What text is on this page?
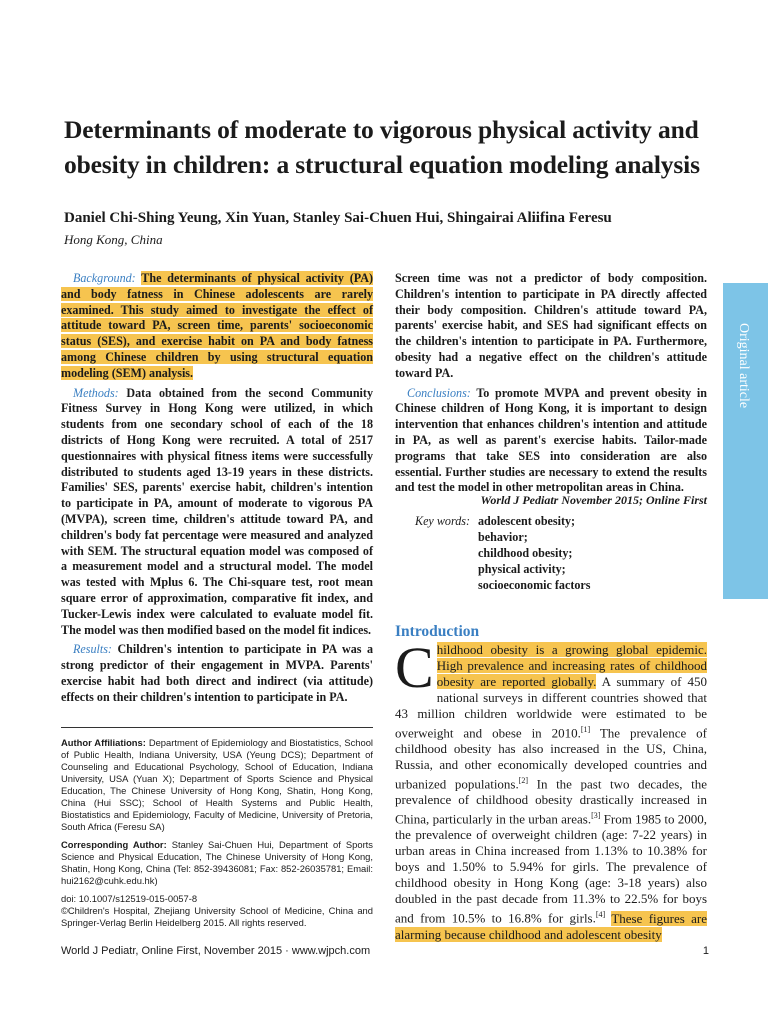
Determinants of moderate to vigorous physical activity and obesity in children: a structural equation modeling analysis
Daniel Chi-Shing Yeung, Xin Yuan, Stanley Sai-Chuen Hui, Shingairai Aliifina Feresu
Hong Kong, China
Original article

Background: The determinants of physical activity (PA) and body fatness in Chinese adolescents are rarely examined. This study aimed to investigate the effect of attitude toward PA, screen time, parents' socioeconomic status (SES), and exercise habit on PA and body fatness among Chinese children by using structural equation modeling (SEM) analysis.

Methods: Data obtained from the second Community Fitness Survey in Hong Kong were utilized, in which students from one secondary school of each of the 18 districts of Hong Kong were recruited. A total of 2517 questionnaires with physical fitness items were successfully distributed to students aged 13-19 years in these districts. Families' SES, parents' exercise habit, children's intention to participate in PA, amount of moderate to vigorous PA (MVPA), screen time, children's attitude toward PA, and children's body fat percentage were measured and analyzed with SEM. The structural equation model was composed of a measurement model and a structural model. The model was tested with Mplus 6. The Chi-square test, root mean square error of approximation, comparative fit index, and Tucker-Lewis index were calculated to evaluate model fit. The model was then modified based on the model fit indices.

Results: Children's intention to participate in PA was a strong predictor of their engagement in MVPA. Parents' exercise habit had both direct and indirect (via attitude) effects on their children's intention to participate in PA.

Screen time was not a predictor of body composition. Children's intention to participate in PA directly affected their body composition. Children's attitude toward PA, parents' exercise habit, and SES had significant effects on the children's intention to participate in PA. Furthermore, obesity had a negative effect on the children's attitude toward PA.

Conclusions: To promote MVPA and prevent obesity in Chinese children of Hong Kong, it is important to design intervention that enhances children's intention and attitude in PA, as well as parent's exercise habits. Tailor-made programs that take SES into consideration are also essential. Further studies are necessary to extend the results and test the model in other metropolitan areas in China.

World J Pediatr November 2015; Online First
Key words: adolescent obesity;
behavior;
childhood obesity;
physical activity;
socioeconomic factors
Author Affiliations: Department of Epidemiology and Biostatistics, School of Public Health, Indiana University, USA (Yeung DCS); Department of Counseling and Educational Psychology, School of Education, Indiana University, USA (Yuan X); Department of Sports Science and Physical Education, The Chinese University of Hong Kong, Shatin, Hong Kong, China (Hui SSC); School of Health Systems and Public Health, Biostatistics and Epidemiology, Faculty of Medicine, University of Pretoria, South Africa (Feresu SA)
Corresponding Author: Stanley Sai-Chuen Hui, Department of Sports Science and Physical Education, The Chinese University of Hong Kong, Shatin, Hong Kong, China (Tel: 852-39436081; Fax: 852-26035781; Email: hui2162@cuhk.edu.hk)
doi: 10.1007/s12519-015-0057-8
©Children's Hospital, Zhejiang University School of Medicine, China and Springer-Verlag Berlin Heidelberg 2015. All rights reserved.
Introduction
Childhood obesity is a growing global epidemic. High prevalence and increasing rates of childhood obesity are reported globally. A summary of 450 national surveys in different countries showed that 43 million children worldwide were estimated to be overweight and obese in 2010.[1] The prevalence of childhood obesity has also increased in the US, China, Russia, and other economically developed countries and urbanized populations.[2] In the past two decades, the prevalence of childhood obesity drastically increased in China, particularly in the urban areas.[3] From 1985 to 2000, the prevalence of overweight children (age: 7-22 years) in urban areas in China increased from 1.13% to 10.38% for boys and 1.50% to 5.94% for girls. The prevalence of childhood obesity in Hong Kong (age: 3-18 years) also doubled in the past decade from 11.3% to 22.5% for boys and from 10.5% to 16.8% for girls.[4] These figures are alarming because childhood and adolescent obesity
World J Pediatr, Online First, November 2015 · www.wjpch.com	1
